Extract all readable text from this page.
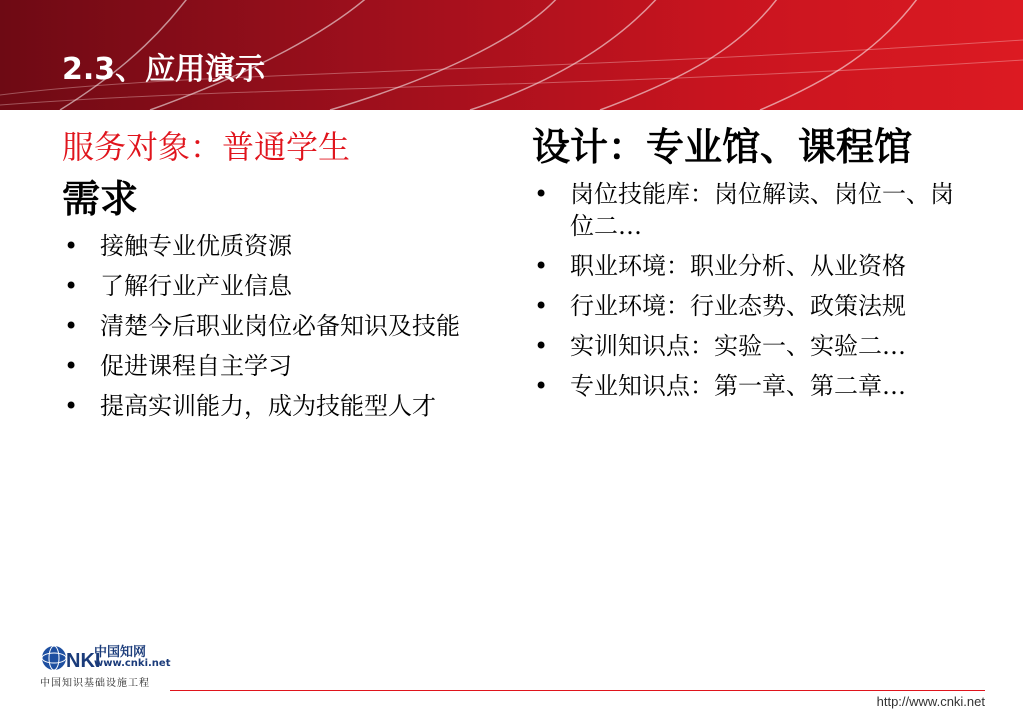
2.3、应用演示
服务对象：普通学生
需求
• 接触专业优质资源
• 了解行业产业信息
• 清楚今后职业岗位必备知识及技能
• 促进课程自主学习
• 提高实训能力，成为技能型人才
设计：专业馆、课程馆
• 岗位技能库：岗位解读、岗位一、岗位二…
• 职业环境：职业分析、从业资格
• 行业环境：行业态势、政策法规
• 实训知识点：实验一、实验二…
• 专业知识点：第一章、第二章…
NKI
中国知网
www.cnki.net
中国知识基础设施工程
http://www.cnki.net
